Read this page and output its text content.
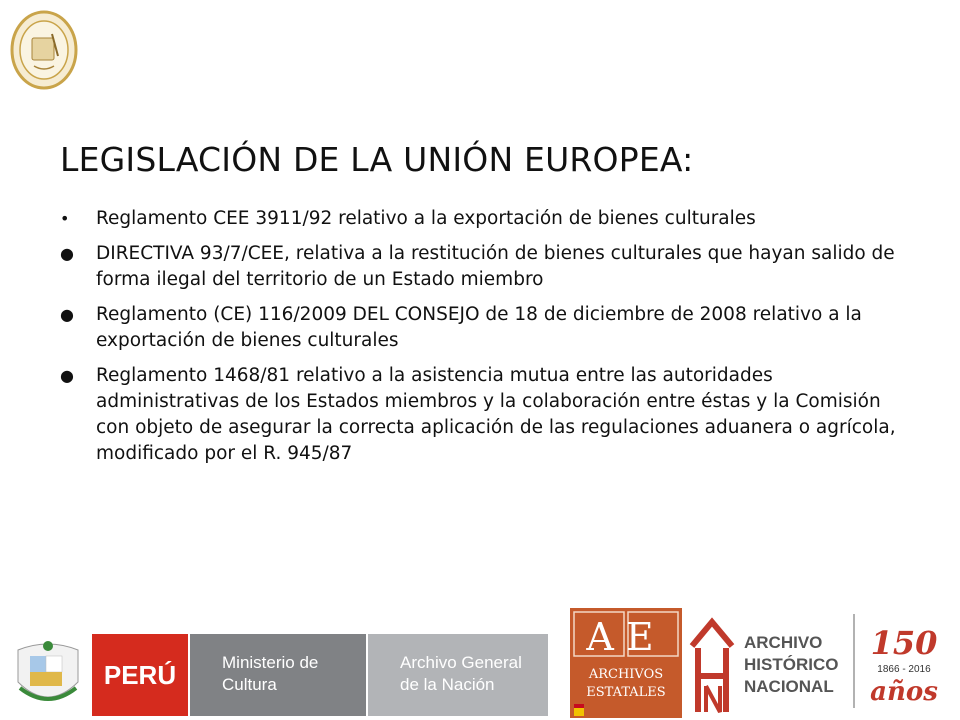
LEGISLACIÓN DE LA UNIÓN EUROPEA:
•	Reglamento CEE 3911/92 relativo a la exportación de bienes culturales
●	DIRECTIVA 93/7/CEE, relativa a la restitución de bienes culturales que hayan salido de forma ilegal del territorio de un Estado miembro
●	Reglamento (CE) 116/2009 DEL CONSEJO de 18 de diciembre de 2008 relativo a la exportación de bienes culturales
●	Reglamento 1468/81 relativo a la asistencia mutua entre las autoridades administrativas de los Estados miembros y la colaboración entre éstas y la Comisión con objeto de asegurar la correcta aplicación de las regulaciones aduanera o agrícola, modificado por el R. 945/87
PERÚ	Ministerio de
Cultura
Archivo General
de la Nación
AE
ARCHIVOS
ESTATALES
ARCHIVO
HISTÓRICO
NACIONAL
150
1866 - 2016
años
